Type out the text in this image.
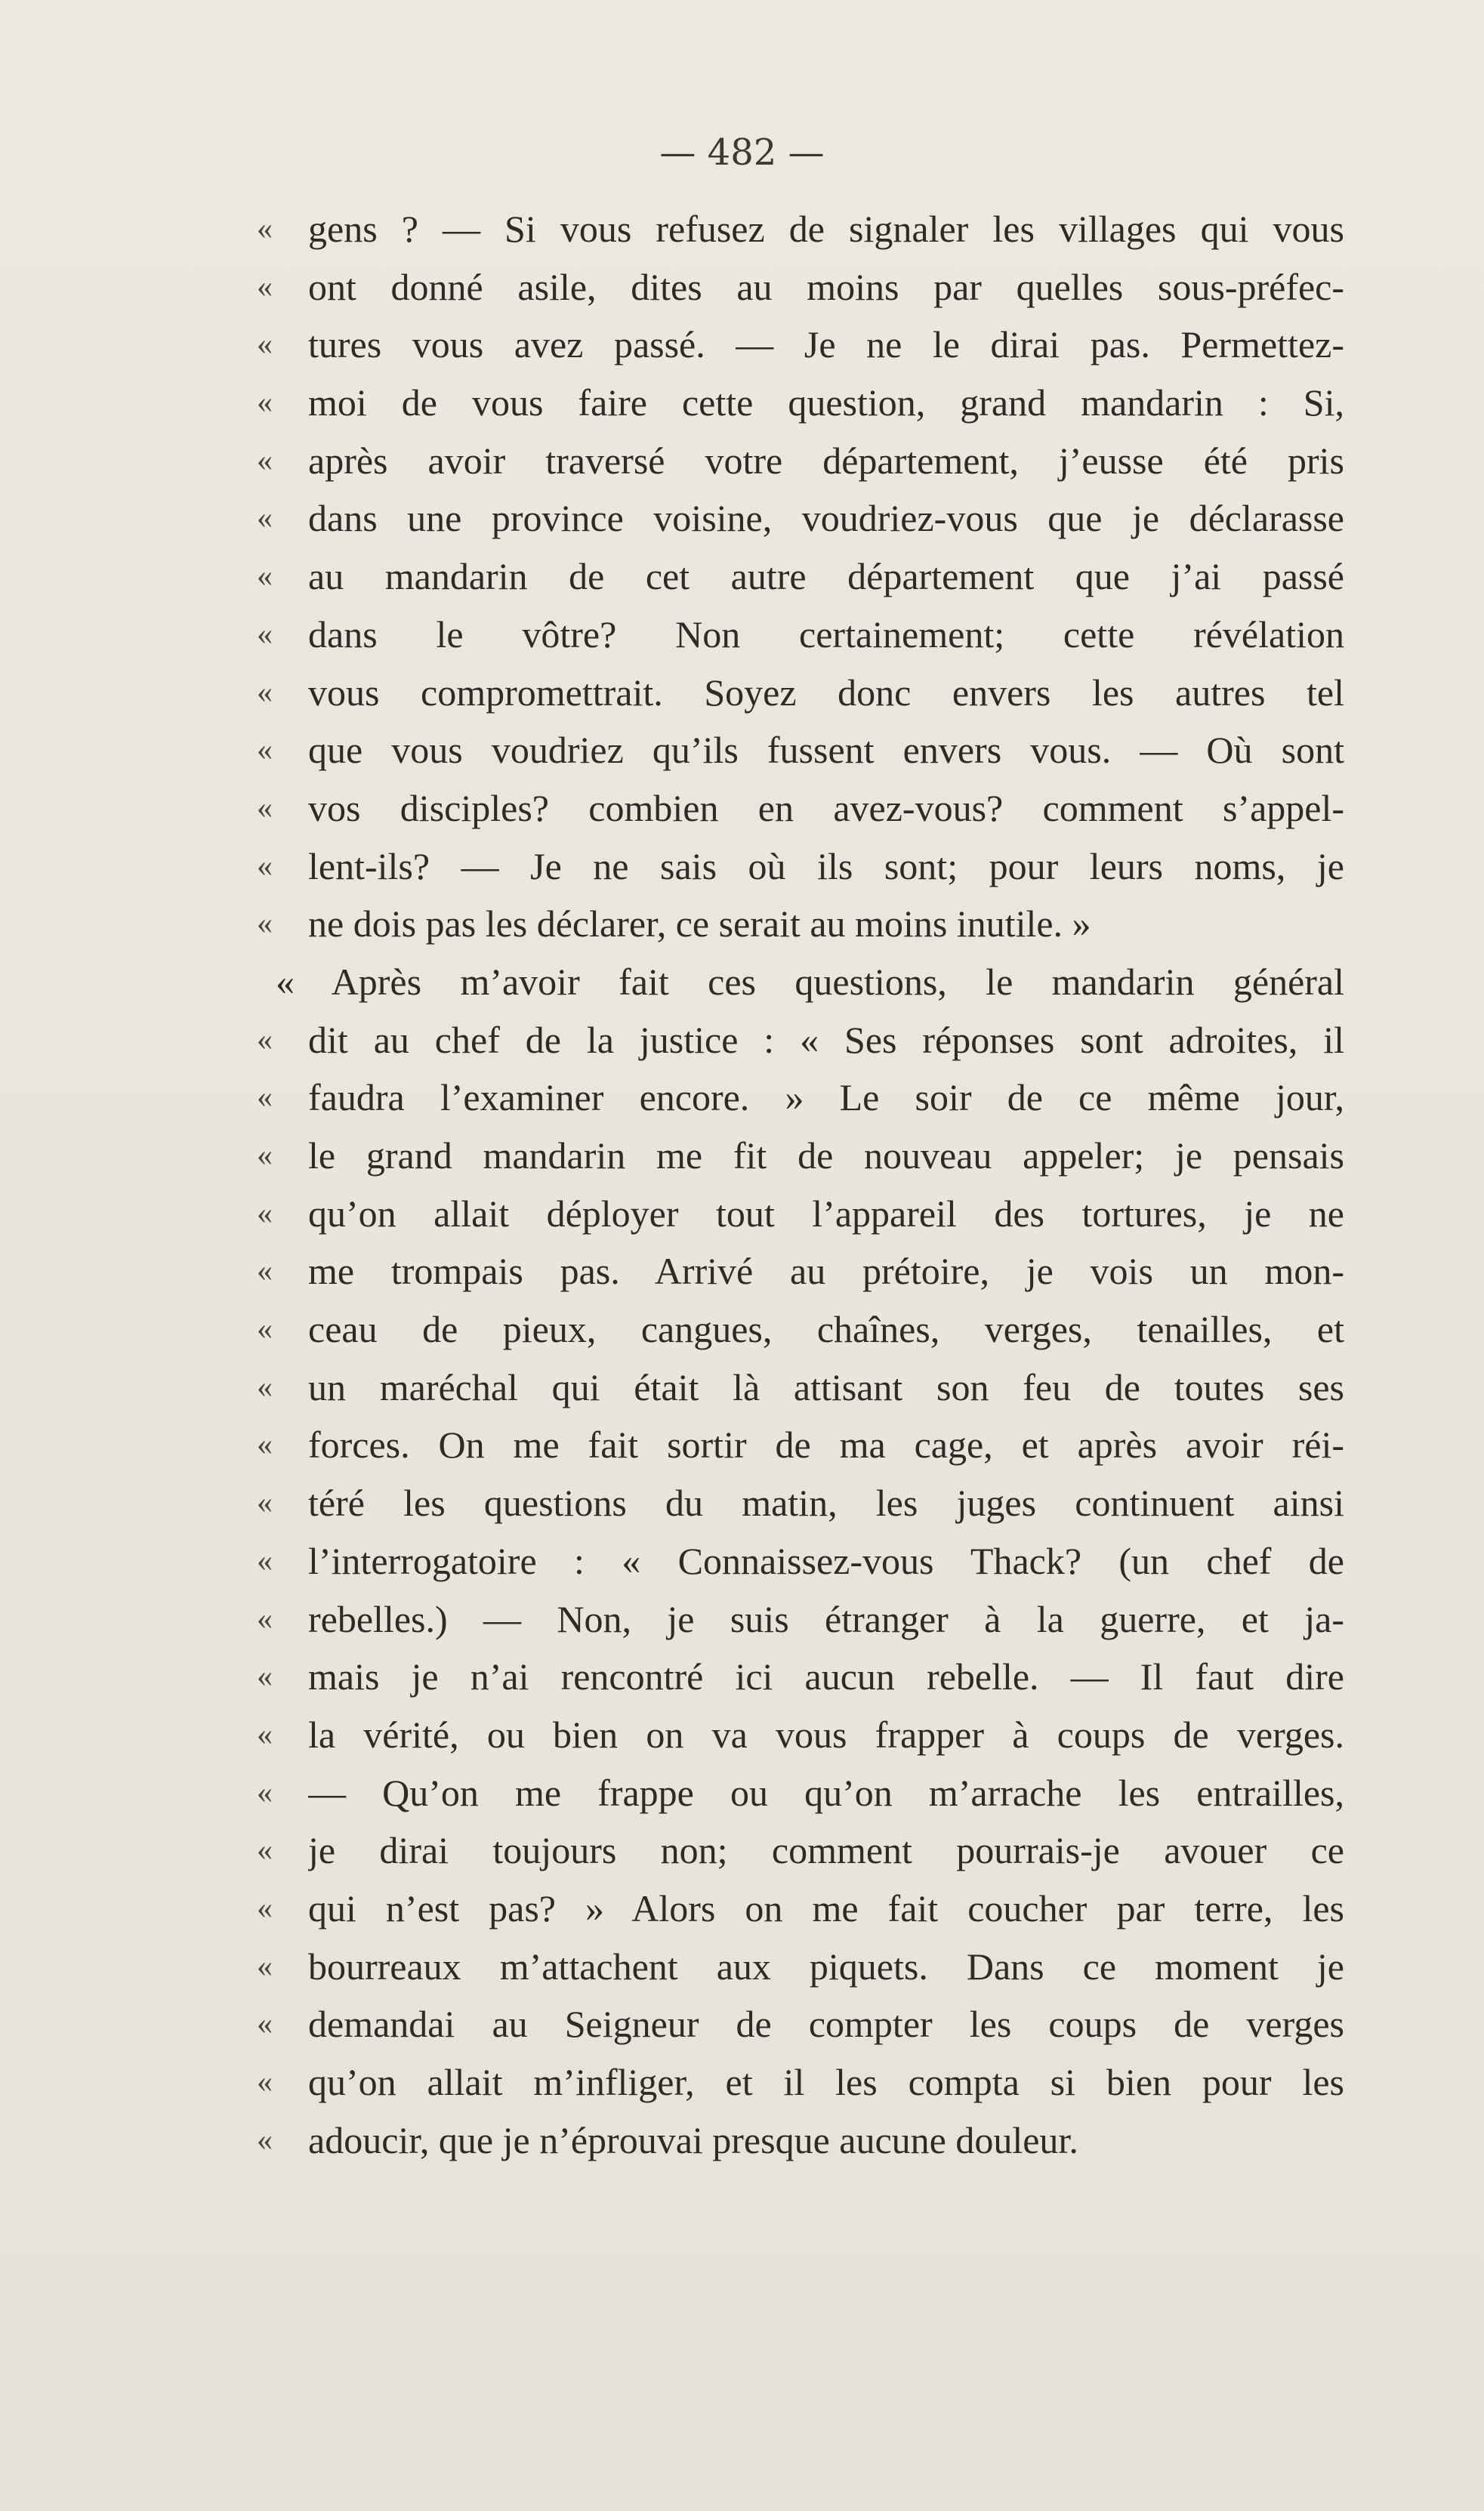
— 482 —
« gens ? — Si vous refusez de signaler les villages qui vous
« ont donné asile, dites au moins par quelles sous-préfec-
« tures vous avez passé. — Je ne le dirai pas. Permettez-
« moi de vous faire cette question, grand mandarin : Si,
« après avoir traversé votre département, j’eusse été pris
« dans une province voisine, voudriez-vous que je déclarasse
« au mandarin de cet autre département que j’ai passé
« dans le vôtre? Non certainement; cette révélation
« vous compromettrait. Soyez donc envers les autres tel
« que vous voudriez qu’ils fussent envers vous. — Où sont
« vos disciples? combien en avez-vous? comment s’appel-
« lent-ils? — Je ne sais où ils sont; pour leurs noms, je
« ne dois pas les déclarer, ce serait au moins inutile. »
« Après m’avoir fait ces questions, le mandarin général
« dit au chef de la justice : « Ses réponses sont adroites, il
« faudra l’examiner encore. » Le soir de ce même jour,
« le grand mandarin me fit de nouveau appeler; je pensais
« qu’on allait déployer tout l’appareil des tortures, je ne
« me trompais pas. Arrivé au prétoire, je vois un mon-
« ceau de pieux, cangues, chaînes, verges, tenailles, et
« un maréchal qui était là attisant son feu de toutes ses
« forces. On me fait sortir de ma cage, et après avoir réi-
« téré les questions du matin, les juges continuent ainsi
« l’interrogatoire : « Connaissez-vous Thack? (un chef de
« rebelles.) — Non, je suis étranger à la guerre, et ja-
« mais je n’ai rencontré ici aucun rebelle. — Il faut dire
« la vérité, ou bien on va vous frapper à coups de verges.
« — Qu’on me frappe ou qu’on m’arrache les entrailles,
« je dirai toujours non; comment pourrais-je avouer ce
« qui n’est pas? » Alors on me fait coucher par terre, les
« bourreaux m’attachent aux piquets. Dans ce moment je
« demandai au Seigneur de compter les coups de verges
« qu’on allait m’infliger, et il les compta si bien pour les
« adoucir, que je n’éprouvai presque aucune douleur.
